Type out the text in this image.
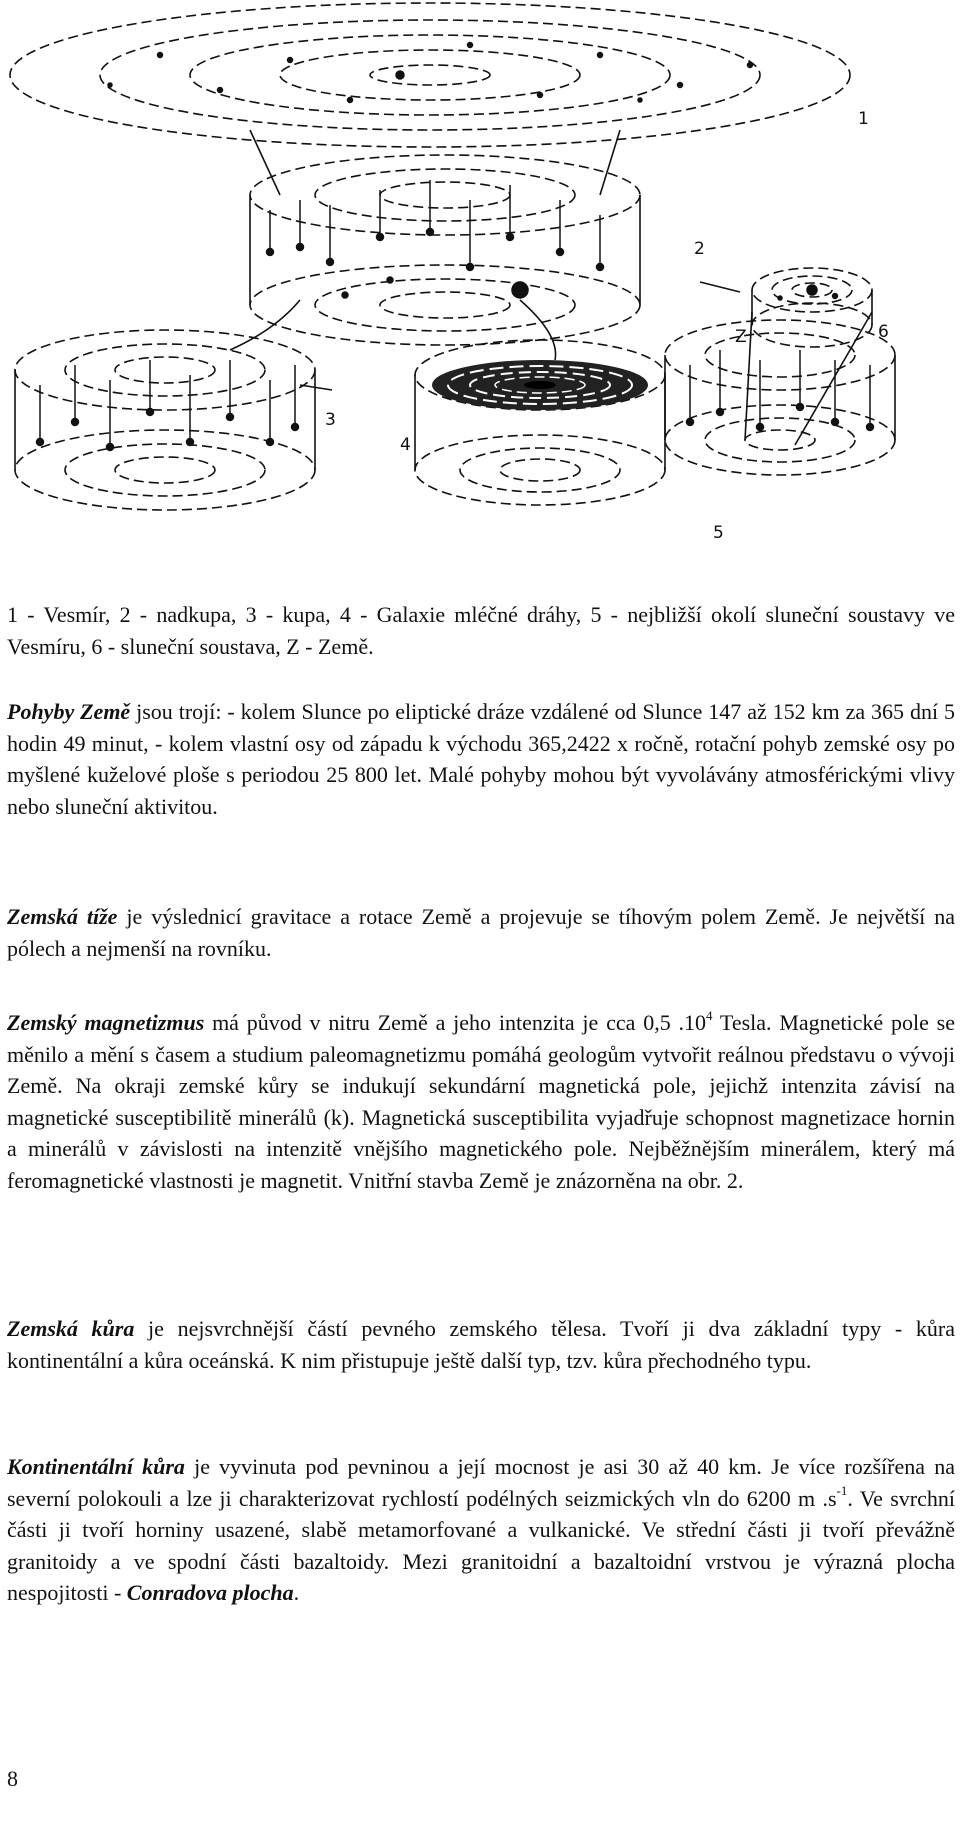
1
2
3
4
5
6
Z

1 - Vesmír, 2 - nadkupa, 3 - kupa, 4 - Galaxie mléčné dráhy, 5 - nejbližší okolí sluneční soustavy ve Vesmíru, 6 - sluneční soustava, Z - Země.

Pohyby Země jsou trojí: - kolem Slunce po eliptické dráze vzdálené od Slunce 147 až 152 km za 365 dní 5 hodin 49 minut, - kolem vlastní osy od západu k východu 365,2422 x ročně, rotační pohyb zemské osy po myšlené kuželové ploše s periodou 25 800 let. Malé pohyby mohou být vyvolávány atmosférickými vlivy nebo sluneční aktivitou.

Zemská tíže je výslednicí gravitace a rotace Země a projevuje se tíhovým polem Země. Je největší na pólech a nejmenší na rovníku.

Zemský magnetizmus má původ v nitru Země a jeho intenzita je cca 0,5 $.10^4$ Tesla. Magnetické pole se měnilo a mění s časem a studium paleomagnetizmu pomáhá geologům vytvořit reálnou představu o vývoji Země. Na okraji zemské kůry se indukují sekundární magnetická pole, jejichž intenzita závisí na magnetické susceptibilitě minerálů (k). Magnetická susceptibilita vyjadřuje schopnost magnetizace hornin a minerálů v závislosti na intenzitě vnějšího magnetického pole. Nejběžnějším minerálem, který má feromagnetické vlastnosti je magnetit. Vnitřní stavba Země je znázorněna na obr. 2.

Zemská kůra je nejsvrchnější částí pevného zemského tělesa. Tvoří ji dva základní typy - kůra kontinentální a kůra oceánská. K nim přistupuje ještě další typ, tzv. kůra přechodného typu.

Kontinentální kůra je vyvinuta pod pevninou a její mocnost je asi 30 až 40 km. Je více rozšířena na severní polokouli a lze ji charakterizovat rychlostí podélných seizmických vln do 6200 m $.s^{-1}$. Ve svrchní části ji tvoří horniny usazené, slabě metamorfované a vulkanické. Ve střední části ji tvoří převážně granitoidy a ve spodní části bazaltoidy. Mezi granitoidní a bazaltoidní vrstvou je výrazná plocha nespojitosti - Conradova plocha.

8
